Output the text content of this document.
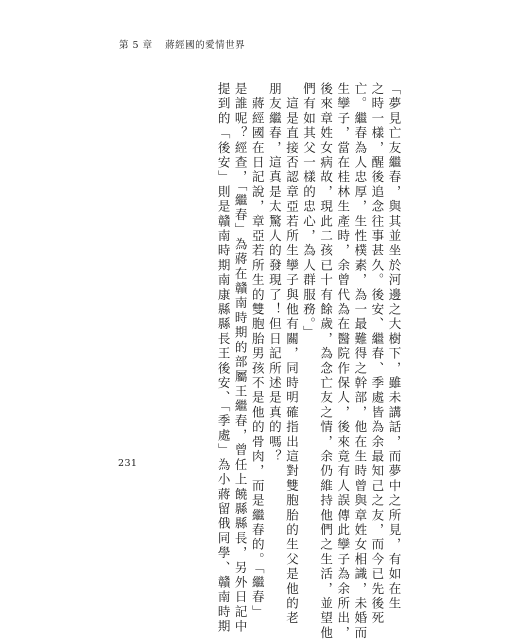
第 5 章 蔣經國的愛情世界
「夢見亡友繼春，與其並坐於河邊之大樹下，雖未講話，而夢中之所見，有如在生
之時一樣，醒後追念往事甚久。後安、繼春、季處皆為余最知己之友，而今已先後死
亡。繼春為人忠厚，生性樸素，為一最難得之幹部，他在生時曾與章姓女相識，未婚而
生孿子，當在桂林生產時，余曾代為在醫院作保人，後來竟有人誤傳此孿子為余所出，
後來章姓女病故，現此二孩已十有餘歲，為念亡友之情，余仍維持他們之生活，並望他
們有如其父一樣的忠心，為人群服務。」
　這是直接否認章亞若所生孿子與他有關，同時明確指出這對雙胞胎的生父是他的老
朋友繼春，這真是太驚人的發現了！但日記所述是真的嗎？
　蔣經國在日記說，章亞若所生的雙胞胎男孩不是他的骨肉，而是繼春的。「繼春」
是誰呢？經查，「繼春」為蔣在贛南時期的部屬王繼春，曾任上饒縣縣長，另外日記中
提到的「後安」則是贛南時期南康縣縣長王後安、「季處」為小蔣留俄同學、贛南時期
231
